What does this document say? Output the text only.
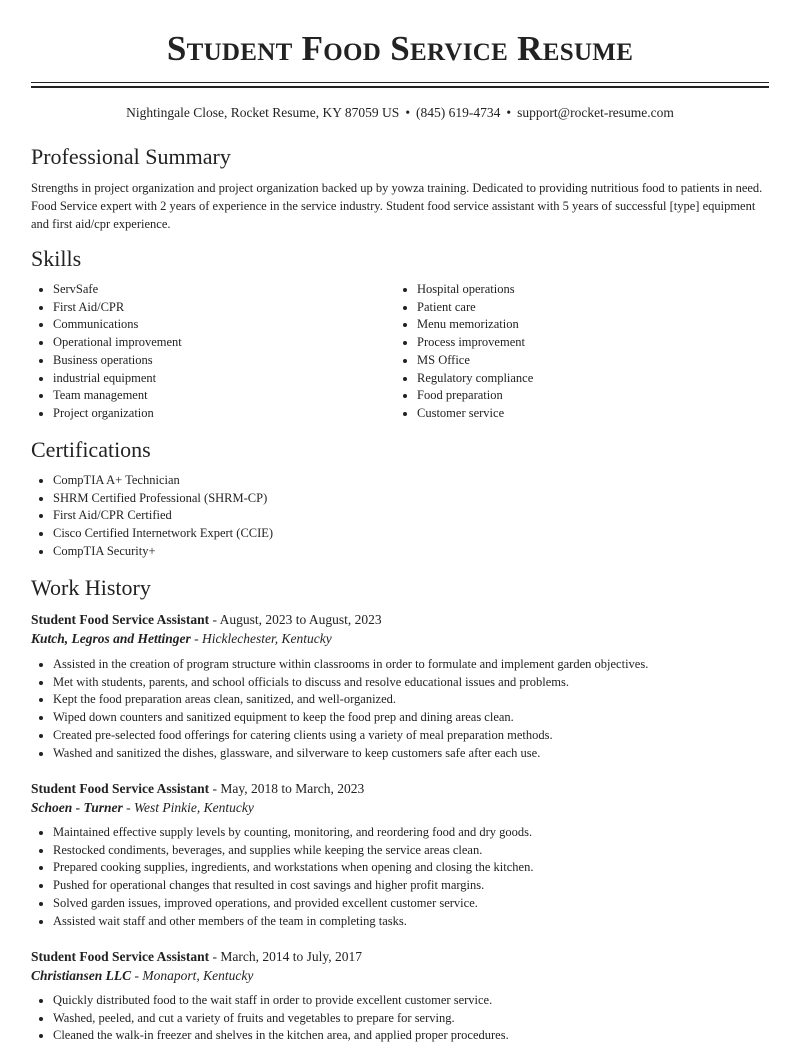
Student Food Service Resume
Nightingale Close, Rocket Resume, KY 87059 US • (845) 619-4734 • support@rocket-resume.com
Professional Summary

Strengths in project organization and project organization backed up by yowza training. Dedicated to providing nutritious food to patients in need. Food Service expert with 2 years of experience in the service industry. Student food service assistant with 5 years of successful [type] equipment and first aid/cpr experience.

Skills
• ServSafe
• First Aid/CPR
• Communications
• Operational improvement
• Business operations
• industrial equipment
• Team management
• Project organization
• Hospital operations
• Patient care
• Menu memorization
• Process improvement
• MS Office
• Regulatory compliance
• Food preparation
• Customer service
Certifications
• CompTIA A+ Technician
• SHRM Certified Professional (SHRM-CP)
• First Aid/CPR Certified
• Cisco Certified Internetwork Expert (CCIE)
• CompTIA Security+
Work History

Student Food Service Assistant - August, 2023 to August, 2023

Kutch, Legros and Hettinger - Hicklechester, Kentucky

• Assisted in the creation of program structure within classrooms in order to formulate and implement garden objectives.
• Met with students, parents, and school officials to discuss and resolve educational issues and problems.
• Kept the food preparation areas clean, sanitized, and well-organized.
• Wiped down counters and sanitized equipment to keep the food prep and dining areas clean.
• Created pre-selected food offerings for catering clients using a variety of meal preparation methods.
• Washed and sanitized the dishes, glassware, and silverware to keep customers safe after each use.

Student Food Service Assistant - May, 2018 to March, 2023

Schoen - Turner - West Pinkie, Kentucky

• Maintained effective supply levels by counting, monitoring, and reordering food and dry goods.
• Restocked condiments, beverages, and supplies while keeping the service areas clean.
• Prepared cooking supplies, ingredients, and workstations when opening and closing the kitchen.
• Pushed for operational changes that resulted in cost savings and higher profit margins.
• Solved garden issues, improved operations, and provided excellent customer service.
• Assisted wait staff and other members of the team in completing tasks.

Student Food Service Assistant - March, 2014 to July, 2017

Christiansen LLC - Monaport, Kentucky

• Quickly distributed food to the wait staff in order to provide excellent customer service.
• Washed, peeled, and cut a variety of fruits and vegetables to prepare for serving.
• Cleaned the walk-in freezer and shelves in the kitchen area, and applied proper procedures.
